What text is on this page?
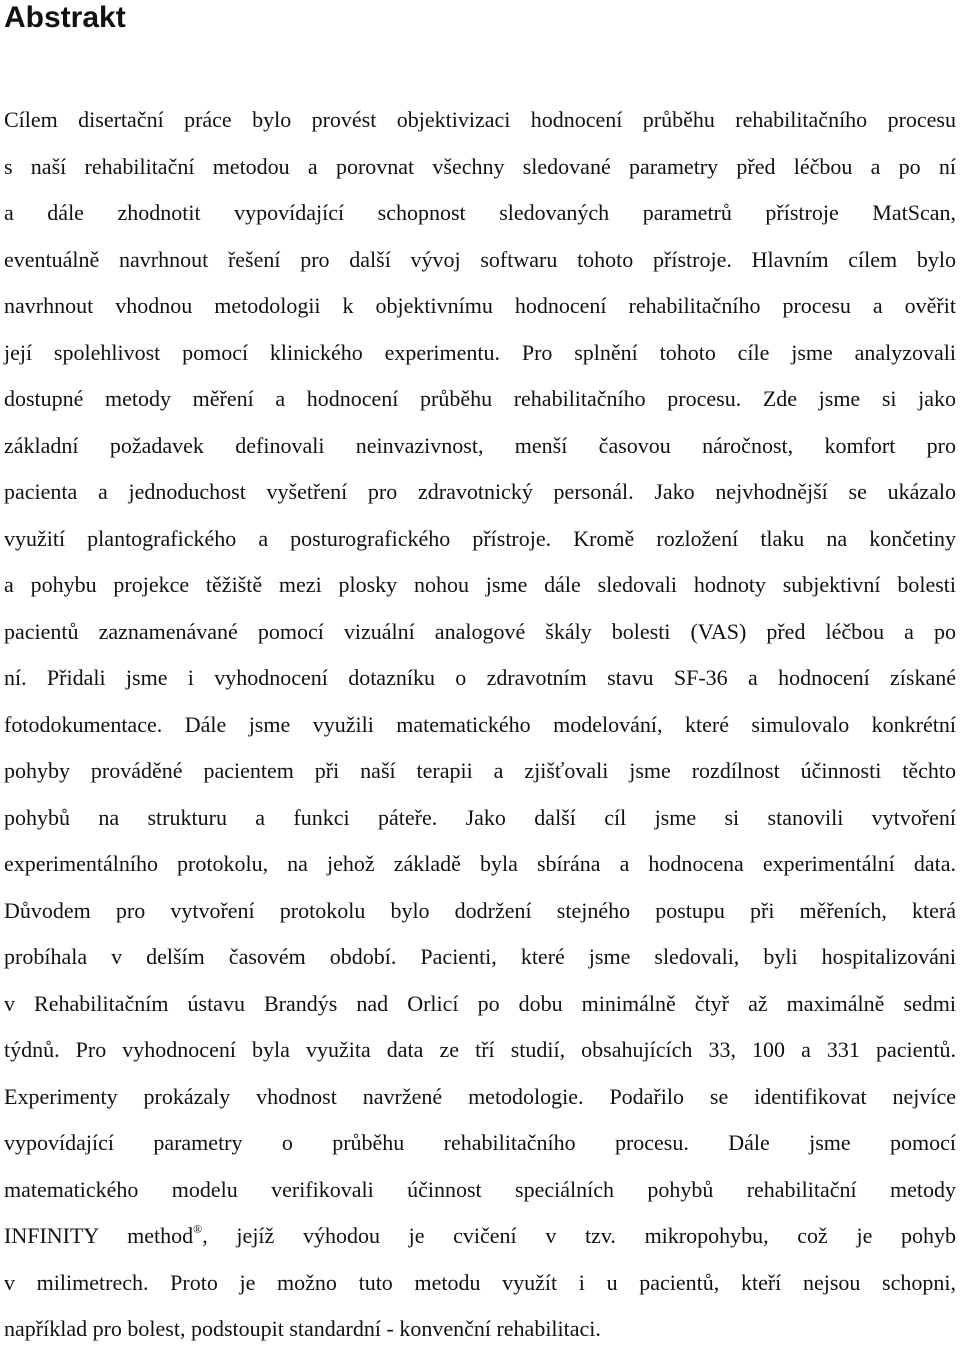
Abstrakt
Cílem disertační práce bylo provést objektivizaci hodnocení průběhu rehabilitačního procesu
s naší rehabilitační metodou a porovnat všechny sledované parametry před léčbou a po ní
a dále zhodnotit vypovídající schopnost sledovaných parametrů přístroje MatScan,
eventuálně navrhnout řešení pro další vývoj softwaru tohoto přístroje. Hlavním cílem bylo
navrhnout vhodnou metodologii k objektivnímu hodnocení rehabilitačního procesu a ověřit
její spolehlivost pomocí klinického experimentu. Pro splnění tohoto cíle jsme analyzovali
dostupné metody měření a hodnocení průběhu rehabilitačního procesu. Zde jsme si jako
základní požadavek definovali neinvazivnost, menší časovou náročnost, komfort pro
pacienta a jednoduchost vyšetření pro zdravotnický personál. Jako nejvhodnější se ukázalo
využití plantografického a posturografického přístroje. Kromě rozložení tlaku na končetiny
a pohybu projekce těžiště mezi plosky nohou jsme dále sledovali hodnoty subjektivní bolesti
pacientů zaznamenávané pomocí vizuální analogové škály bolesti (VAS) před léčbou a po
ní. Přidali jsme i vyhodnocení dotazníku o zdravotním stavu SF-36 a hodnocení získané
fotodokumentace. Dále jsme využili matematického modelování, které simulovalo konkrétní
pohyby prováděné pacientem při naší terapii a zjišťovali jsme rozdílnost účinnosti těchto
pohybů na strukturu a funkci páteře. Jako další cíl jsme si stanovili vytvoření
experimentálního protokolu, na jehož základě byla sbírána a hodnocena experimentální data.
Důvodem pro vytvoření protokolu bylo dodržení stejného postupu při měřeních, která
probíhala v delším časovém období. Pacienti, které jsme sledovali, byli hospitalizováni
v Rehabilitačním ústavu Brandýs nad Orlicí po dobu minimálně čtyř až maximálně sedmi
týdnů. Pro vyhodnocení byla využita data ze tří studií, obsahujících 33, 100 a 331 pacientů.
Experimenty prokázaly vhodnost navržené metodologie. Podařilo se identifikovat nejvíce
vypovídající parametry o průběhu rehabilitačního procesu. Dále jsme pomocí
matematického modelu verifikovali účinnost speciálních pohybů rehabilitační metody
INFINITY method®, jejíž výhodou je cvičení v tzv. mikropohybu, což je pohyb
v milimetrech. Proto je možno tuto metodu využít i u pacientů, kteří nejsou schopni,
například pro bolest, podstoupit standardní - konvenční rehabilitaci.
